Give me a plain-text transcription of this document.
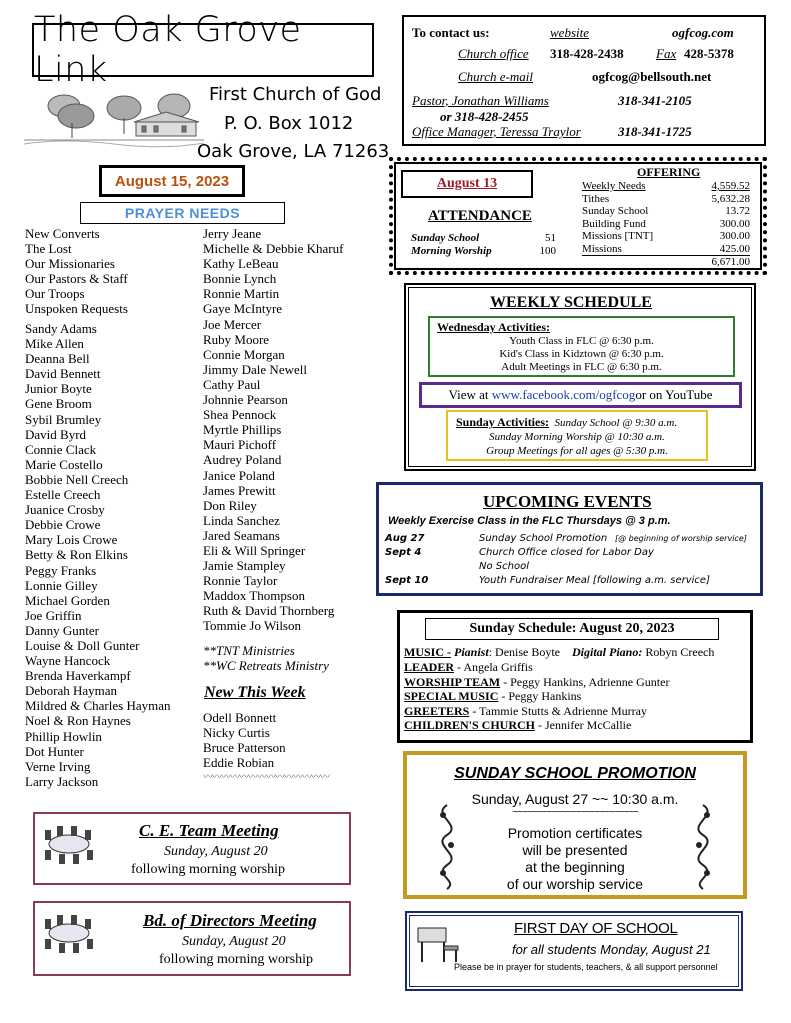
The Oak Grove Link
First Church of God
P. O. Box 1012
Oak Grove, LA 71263
August 15, 2023
To contact us:	website	ogfcog.com
Church office 318-428-2438 Fax 428-5378
Church e-mail	ogfcog@bellsouth.net
Pastor, Jonathan Williams	318-341-2105
or 318-428-2455
Office Manager, Teressa Traylor	318-341-1725
PRAYER NEEDS
New Converts
The Lost
Our Missionaries
Our Pastors & Staff
Our Troops
Unspoken Requests
Sandy Adams
Mike Allen
Deanna Bell
David Bennett
Junior Boyte
Gene Broom
Sybil Brumley
David Byrd
Connie Clack
Marie Costello
Bobbie Nell Creech
Estelle Creech
Juanice Crosby
Debbie Crowe
Mary Lois Crowe
Betty & Ron Elkins
Peggy Franks
Lonnie Gilley
Michael Gorden
Joe Griffin
Danny Gunter
Louise & Doll Gunter
Wayne Hancock
Brenda Haverkampf
Deborah Hayman
Mildred & Charles Hayman
Noel & Ron Haynes
Phillip Howlin
Dot Hunter
Verne Irving
Larry Jackson
Jerry Jeane
Michelle & Debbie Kharuf
Kathy LeBeau
Bonnie Lynch
Ronnie Martin
Gaye McIntyre
Joe Mercer
Ruby Moore
Connie Morgan
Jimmy Dale Newell
Cathy Paul
Johnnie Pearson
Shea Pennock
Myrtle Phillips
Mauri Pichoff
Audrey Poland
Janice Poland
James Prewitt
Don Riley
Linda Sanchez
Jared Seamans
Eli & Will Springer
Jamie Stampley
Ronnie Taylor
Maddox Thompson
Ruth & David Thornberg
Tommie Jo Wilson
**TNT Ministries
**WC Retreats Ministry
New This Week
Odell Bonnett
Nicky Curtis
Bruce Patterson
Eddie Robian
〰〰〰〰〰〰〰〰〰〰〰〰〰〰
August 13
ATTENDANCE
Sunday School	51
Morning Worship	100
OFFERING
Weekly Needs	4,559.52
Tithes	5,632.28
Sunday School	13.72
Building Fund	300.00
Missions [TNT]	300.00
Missions	425.00
6,671.00
WEEKLY SCHEDULE
Wednesday Activities:
Youth Class in FLC @ 6:30 p.m.
Kid's Class in Kidztown @ 6:30 p.m.
Adult Meetings in FLC @ 6:30 p.m.
View at
www.facebook.com/ogfcog or on YouTube
Sunday Activities: Sunday School @ 9:30 a.m.
Sunday Morning Worship @ 10:30 a.m.
Group Meetings for all ages @ 5:30 p.m.
UPCOMING EVENTS
Weekly Exercise Class in the FLC Thursdays @ 3 p.m.
Aug 27	Sunday School Promotion [@ beginning of worship service]
Sept 4	Church Office closed for Labor Day
No School
Sept 10	Youth Fundraiser Meal [following a.m. service]
Sunday Schedule: August 20, 2023
MUSIC - Pianist: Denise Boyte Digital Piano: Robyn Creech
LEADER - Angela Griffis
WORSHIP TEAM - Peggy Hankins, Adrienne Gunter
SPECIAL MUSIC - Peggy Hankins
GREETERS - Tammie Stutts & Adrienne Murray
CHILDREN'S CHURCH - Jennifer McCallie
SUNDAY SCHOOL PROMOTION
Sunday, August 27 ~~ 10:30 a.m.
~~~~~~~~~~~~~~~~~~~~~~~~~~
Promotion certificates
will be presented
at the beginning
of our worship service
FIRST DAY OF SCHOOL
for all students Monday, August 21
Please be in prayer for students, teachers, & all support personnel
C. E. Team Meeting
Sunday, August 20
following morning worship
Bd. of Directors Meeting
Sunday, August 20
following morning worship
